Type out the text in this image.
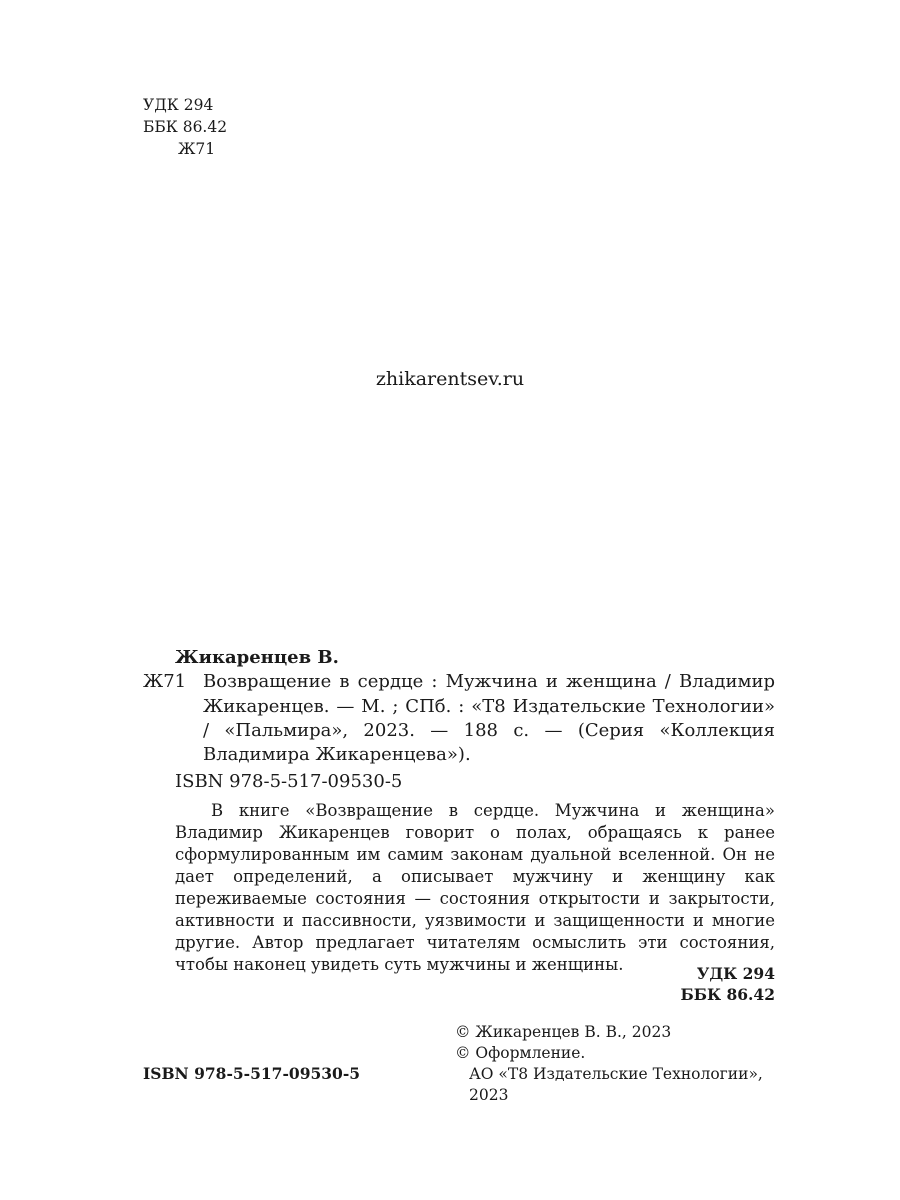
УДК 294
ББК 86.42
Ж71
zhikarentsev.ru
Жикаренцев В.
Ж71 Возвращение в сердце : Мужчина и женщина / Владимир Жикаренцев. — М. ; СПб. : «Т8 Издательские Технологии» / «Пальмира», 2023. — 188 с. — (Серия «Коллекция Владимира Жикаренцева»).
ISBN 978-5-517-09530-5
В книге «Возвращение в сердце. Мужчина и женщина» Владимир Жикаренцев говорит о полах, обращаясь к ранее сформулированным им самим законам дуальной вселенной. Он не дает определений, а описывает мужчину и женщину как переживаемые состояния — состояния открытости и закрытости, активности и пассивности, уязвимости и защищенности и многие другие. Автор предлагает читателям осмыслить эти состояния, чтобы наконец увидеть суть мужчины и женщины.	УДК 294
ББК 86.42
© Жикаренцев В. В., 2023
© Оформление.
АО «Т8 Издательские Технологии», 2023
ISBN 978-5-517-09530-5
